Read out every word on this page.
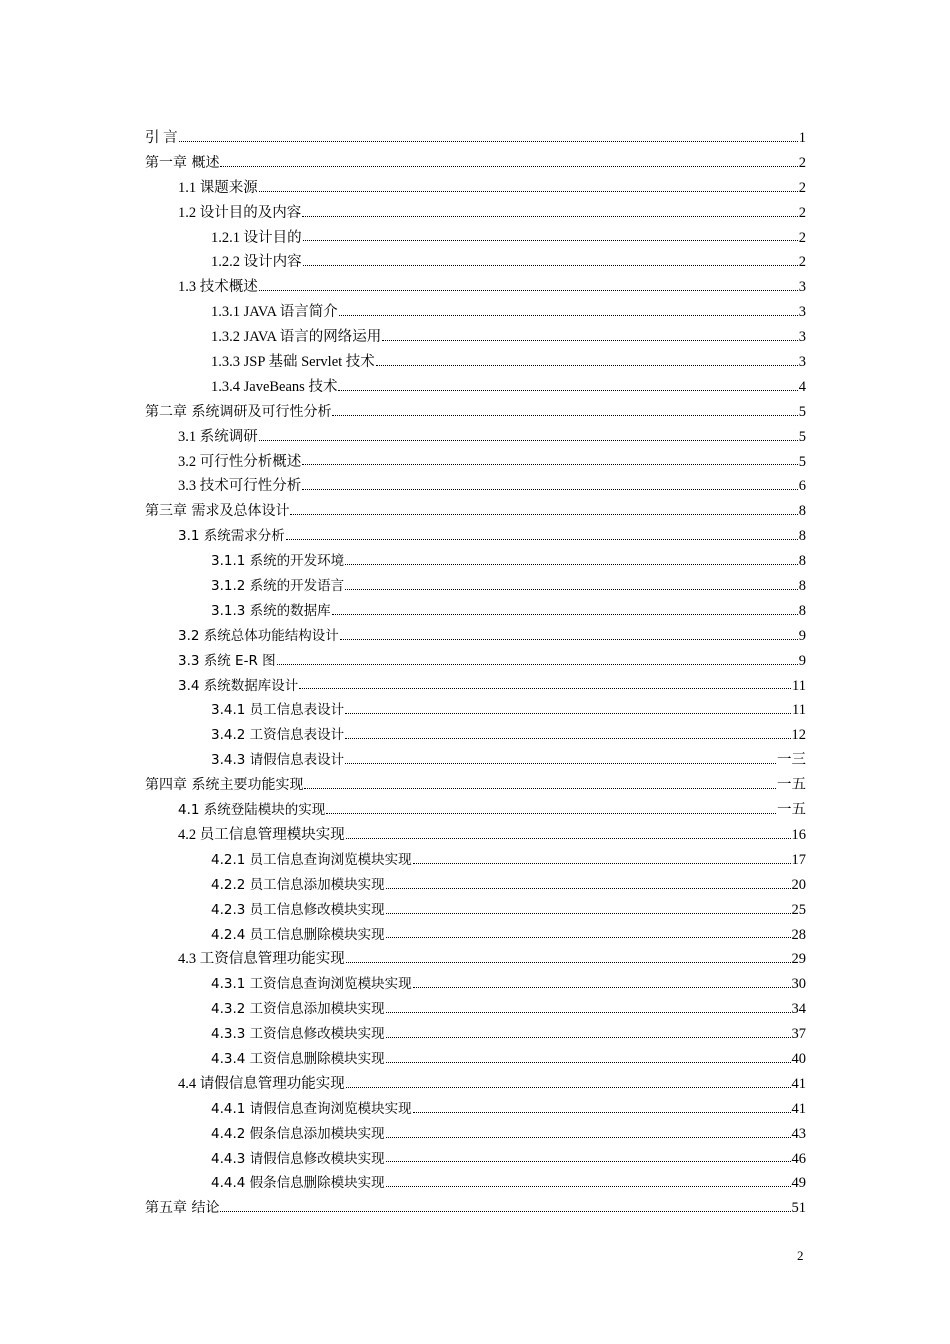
引 言	1
第一章 概述	2
1.1 课题来源	2
1.2 设计目的及内容	2
1.2.1 设计目的	2
1.2.2 设计内容	2
1.3 技术概述	3
1.3.1 JAVA 语言简介	3
1.3.2 JAVA 语言的网络运用	3
1.3.3 JSP 基础 Servlet 技术	3
1.3.4 JaveBeans 技术	4
第二章 系统调研及可行性分析	5
3.1 系统调研	5
3.2 可行性分析概述	5
3.3 技术可行性分析	6
第三章 需求及总体设计	8
3.1 系统需求分析	8
3.1.1 系统的开发环境	8
3.1.2 系统的开发语言	8
3.1.3 系统的数据库	8
3.2 系统总体功能结构设计	9
3.3 系统 E-R 图	9
3.4 系统数据库设计	11
3.4.1 员工信息表设计	11
3.4.2 工资信息表设计	12
3.4.3 请假信息表设计	一三
第四章 系统主要功能实现	一五
4.1 系统登陆模块的实现	一五
4.2 员工信息管理模块实现	16
4.2.1 员工信息查询浏览模块实现	17
4.2.2 员工信息添加模块实现	20
4.2.3 员工信息修改模块实现	25
4.2.4 员工信息删除模块实现	28
4.3 工资信息管理功能实现	29
4.3.1 工资信息查询浏览模块实现	30
4.3.2 工资信息添加模块实现	34
4.3.3 工资信息修改模块实现	37
4.3.4 工资信息删除模块实现	40
4.4 请假信息管理功能实现	41
4.4.1 请假信息查询浏览模块实现	41
4.4.2 假条信息添加模块实现	43
4.4.3 请假信息修改模块实现	46
4.4.4 假条信息删除模块实现	49
第五章 结论	51
2
